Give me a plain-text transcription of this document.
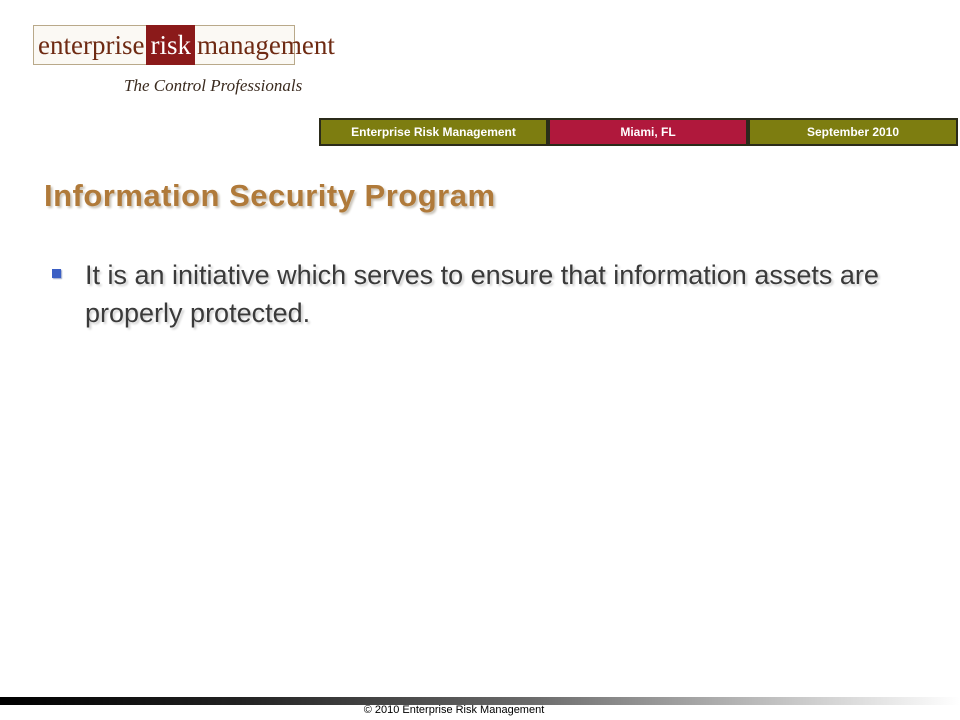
enterprise risk management
The Control Professionals
Enterprise Risk Management	Miami, FL	September 2010
Information Security Program
It is an initiative which serves to ensure that information assets are properly protected.
© 2010 Enterprise Risk Management
